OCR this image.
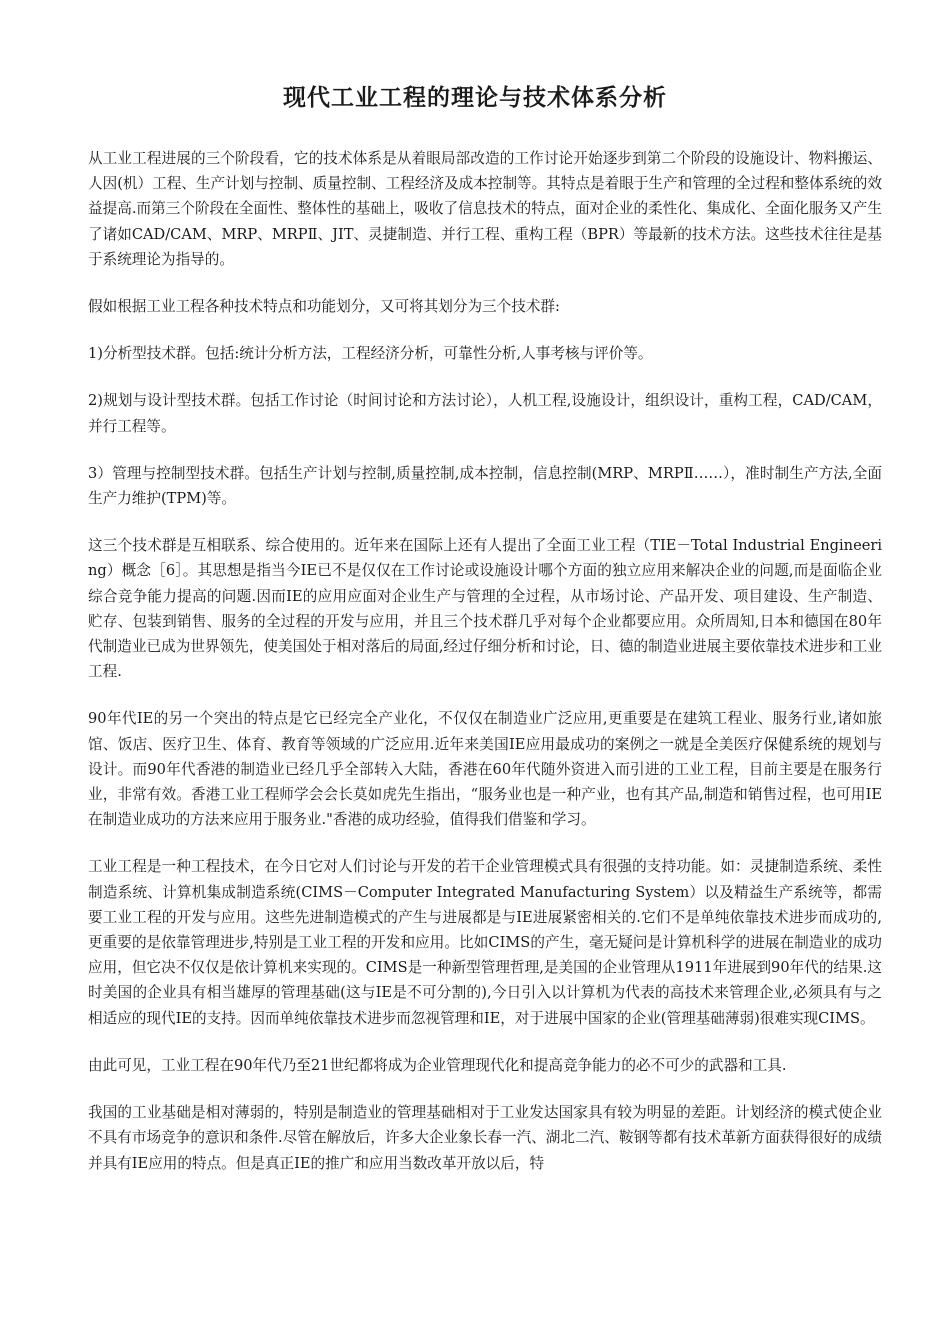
现代工业工程的理论与技术体系分析

从工业工程进展的三个阶段看，它的技术体系是从着眼局部改造的工作讨论开始逐步到第二个阶段的设施设计、物料搬运、人因(机）工程、生产计划与控制、质量控制、工程经济及成本控制等。其特点是着眼于生产和管理的全过程和整体系统的效益提高.而第三个阶段在全面性、整体性的基础上，吸收了信息技术的特点，面对企业的柔性化、集成化、全面化服务又产生了诸如CAD/CAM、MRP、MRPⅡ、JIT、灵捷制造、并行工程、重构工程（BPR）等最新的技术方法。这些技术往往是基于系统理论为指导的。

假如根据工业工程各种技术特点和功能划分，又可将其划分为三个技术群:

1)分析型技术群。包括:统计分析方法，工程经济分析，可靠性分析,人事考核与评价等。

2)规划与设计型技术群。包括工作讨论（时间讨论和方法讨论），人机工程,设施设计，组织设计，重构工程，CAD/CAM，并行工程等。

3）管理与控制型技术群。包括生产计划与控制,质量控制,成本控制，信息控制(MRP、MRPⅡ……），准时制生产方法,全面生产力维护(TPM)等。

这三个技术群是互相联系、综合使用的。近年来在国际上还有人提出了全面工业工程（TIE－Total Industrial Engineering）概念［6］。其思想是指当今IE已不是仅仅在工作讨论或设施设计哪个方面的独立应用来解决企业的问题,而是面临企业综合竞争能力提高的问题.因而IE的应用应面对企业生产与管理的全过程，从市场讨论、产品开发、项目建设、生产制造、贮存、包装到销售、服务的全过程的开发与应用，并且三个技术群几乎对每个企业都要应用。众所周知,日本和德国在80年代制造业已成为世界领先，使美国处于相对落后的局面,经过仔细分析和讨论，日、德的制造业进展主要依靠技术进步和工业工程.

90年代IE的另一个突出的特点是它已经完全产业化，不仅仅在制造业广泛应用,更重要是在建筑工程业、服务行业,诸如旅馆、饭店、医疗卫生、体育、教育等领域的广泛应用.近年来美国IE应用最成功的案例之一就是全美医疗保健系统的规划与设计。而90年代香港的制造业已经几乎全部转入大陆，香港在60年代随外资进入而引进的工业工程，目前主要是在服务行业，非常有效。香港工业工程师学会会长莫如虎先生指出，“服务业也是一种产业，也有其产品,制造和销售过程，也可用IE在制造业成功的方法来应用于服务业."香港的成功经验，值得我们借鉴和学习。

工业工程是一种工程技术，在今日它对人们讨论与开发的若干企业管理模式具有很强的支持功能。如：灵捷制造系统、柔性制造系统、计算机集成制造系统(CIMS－Computer Integrated Manufacturing System）以及精益生产系统等，都需要工业工程的开发与应用。这些先进制造模式的产生与进展都是与IE进展紧密相关的.它们不是单纯依靠技术进步而成功的,更重要的是依靠管理进步,特别是工业工程的开发和应用。比如CIMS的产生，毫无疑问是计算机科学的进展在制造业的成功应用，但它决不仅仅是依计算机来实现的。CIMS是一种新型管理哲理,是美国的企业管理从1911年进展到90年代的结果.这时美国的企业具有相当雄厚的管理基础(这与IE是不可分割的),今日引入以计算机为代表的高技术来管理企业,必须具有与之相适应的现代IE的支持。因而单纯依靠技术进步而忽视管理和IE，对于进展中国家的企业(管理基础薄弱)很难实现CIMS。

由此可见，工业工程在90年代乃至21世纪都将成为企业管理现代化和提高竞争能力的必不可少的武器和工具.

我国的工业基础是相对薄弱的，特别是制造业的管理基础相对于工业发达国家具有较为明显的差距。计划经济的模式使企业不具有市场竞争的意识和条件.尽管在解放后，许多大企业象长春一汽、湖北二汽、鞍钢等都有技术革新方面获得很好的成绩并具有IE应用的特点。但是真正IE的推广和应用当数改革开放以后，特
